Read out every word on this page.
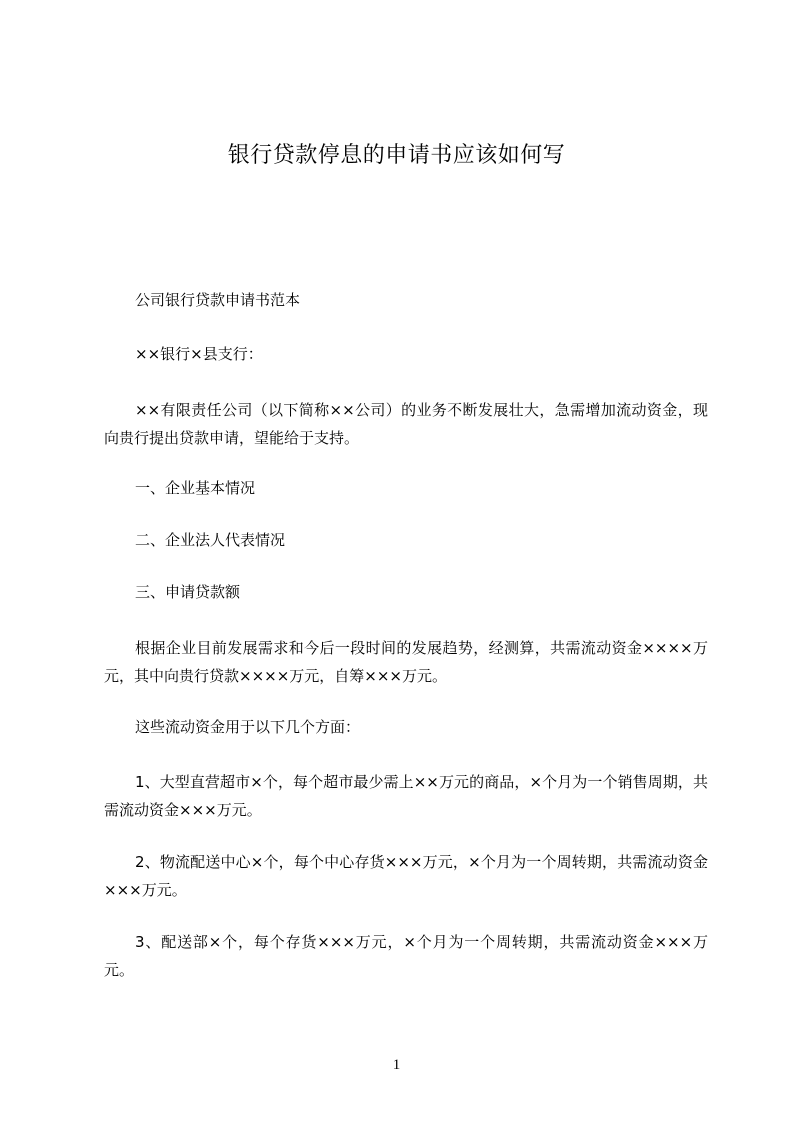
银行贷款停息的申请书应该如何写

公司银行贷款申请书范本

××银行×县支行：

××有限责任公司（以下简称××公司）的业务不断发展壮大，急需增加流动资金，现向贵行提出贷款申请，望能给于支持。

一、企业基本情况

二、企业法人代表情况

三、申请贷款额

根据企业目前发展需求和今后一段时间的发展趋势，经测算，共需流动资金××××万元，其中向贵行贷款××××万元，自筹×××万元。

这些流动资金用于以下几个方面：

1、大型直营超市×个，每个超市最少需上××万元的商品，×个月为一个销售周期，共需流动资金×××万元。

2、物流配送中心×个，每个中心存货×××万元，×个月为一个周转期，共需流动资金×××万元。

3、配送部×个，每个存货×××万元，×个月为一个周转期，共需流动资金×××万元。

1
